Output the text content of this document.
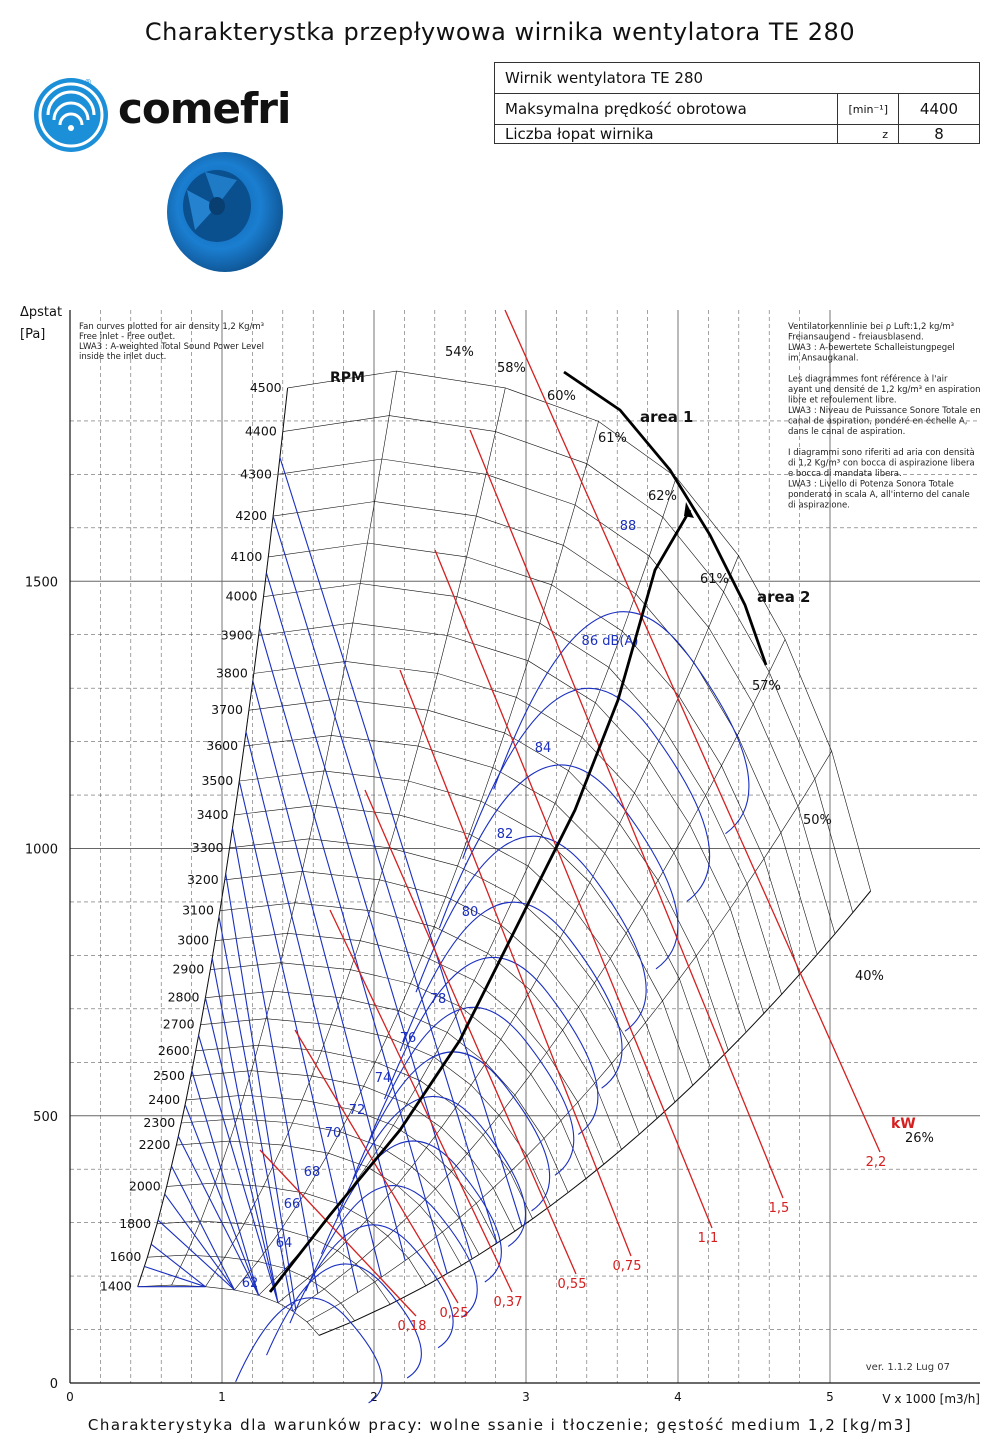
Charakterystka przepływowa wirnika wentylatora TE 280
comefri
®	Wirnik wentylatora TE 280		
Maksymalna prędkość obrotowa	[min⁻¹]	4400
Liczba łopat wirnika	z	8
0	1	2	3	4	5
0
500
1000
1500
Δpstat
[Pa]
V x 1000 [m3/h]
1400
1600
1800
2000
2200
2300
2400
2500
2600
2700
2800
2900
3000
3100
3200
3300
3400
3500
3600
3700
3800
3900
4000
4100
4200
4300
4400
4500
RPM
26%
40%
50%
57%
61%
62%
61%
60%
58%
54%
62
64
66
68
70
72
74
76
78
80
82
84
86 dB(A)
88
0,18
0,25
0,37
0,55
0,75
1,1
1,5
2,2
kW
area 1
area 2
Fan curves plotted for air density 1,2 Kg/m³
Free inlet - Free outlet.
LWA3 : A-weighted Total Sound Power Level
inside the inlet duct.
Ventilatorkennlinie bei ρ Luft:1,2 kg/m³
Freiansaugend - freiausblasend.
LWA3 : A-bewertete Schalleistungpegel
im Ansaugkanal.
Les diagrammes font référence à l'air
ayant une densité de 1,2 kg/m³ en aspiration
libre et refoulement libre.
LWA3 : Niveau de Puissance Sonore Totale en
canal de aspiration, pondéré en échelle A,
dans le canal de aspiration.
I diagrammi sono riferiti ad aria con densità
di 1,2 Kg/m³ con bocca di aspirazione libera
e bocca di mandata libera.
LWA3 : Livello di Potenza Sonora Totale
ponderato in scala A, all'interno del canale
di aspirazione.
ver. 1.1.2 Lug 07
Charakterystyka dla warunków pracy: wolne ssanie i tłoczenie; gęstość medium 1,2 [kg/m3]
